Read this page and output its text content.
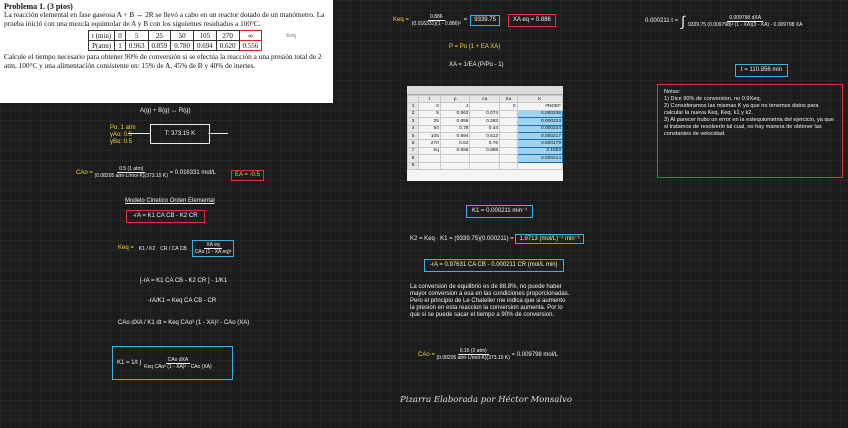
Problema 1. (3 ptos)
La reacción elemental en fase gaseosa A + B ↔ 2R se llevó a cabo en un reactor dotado de un manómetro. La prueba inició con una mezcla equimolar de A y B con los siguientes resultados a 100°C.
t (min)	0	5	25	50	105	270	∞
P(atm)	1	0.963	0.859	0.780	0.694	0.620	0.556
Keq
Calcule el tiempo necesario para obtener 90% de conversión si se efectúa la reacción a una presión total de 2 atm, 100°C y una alimentación consistente en: 15% de A, 45% de B y 40% de inertes.
A(g) + B(g) ↔ R(g)
Po: 1 atm
yAo: 0.5
yBo: 0.5
T: 373.15 K
CAo = $\frac{\text{0.5 (1 atm)}}{\text{(0.08205 atm·L/mol·K)(373.15 K)}} = 0.016331$ mol/L	EA = -0.5
Modelo Cinetico Orden Elemental
-rA = K1 CA CB - K2 CR
Keq = K1 / K2 CR / CA CB $\frac{\text{XA eq}}{\text{CAo (1 - XA eq)²}}$
[-rA = K1 CA CB - K2 CR ] · 1/K1
-rA/K1 = Keq CA CB - CR
CAo dXA / K1 dt = Keq CAo² (1 - XA)² - CAo (XA)
K1 = 1/t ∫ $\frac{\text{CAo dXA}}{\text{Keq CAo² (1 - XA)² - CAo (XA)}}$
Keq = $\frac{0.886}{\text{(0.016331)(1 - 0.886)²}}$ =	9339.75	XA eq = 0.886
P = Po (1 + EA XA)
XA = 1/EA (P/Po - 1)
	t	p	ca	Xa	K
1	0	1		0	#NDEF
2	5	0.963	0.074		0.000236
3	25	0.859	0.282		0.000223
4	50	0.78	0.44		0.000224
5	105	0.694	0.612		0.000217
6	270	0.62	0.76		0.000179
7	eq	0.556	0.888		0.1553
8					0.000214
9					
K1 = 0.000211 min⁻¹
K2 = Keq · K1 = (9339.75)(0.000211) = 1.9713 (mol/L)⁻² min⁻¹
-rA = 0.97631 CA CB - 0.000211 CR (mol/L min)
La conversion de equilibrio es de 88.8%, no puede haber mayor conversion a esa en las condiciones proporcionadas. Pero el principio de Le Chatelier me indica que si aumento la presion en esta reaccion la conversion aumenta. Por lo que si se puede sacar el tiempo a 90% de conversion.
CAo = $\frac{\text{0.15 (2 atm)}}{\text{(0.08205 atm·L/mol·K)(373.15 K)}} = 0.009798$ mol/L
0.000211 t = ∫ $\frac{\text{0.009798 dXA}}{\text{9339.75 (0.009798)² (1 - XA)(3 - XA) - 0.009798 XA}}$
t = 110.856 min
Notas:
1) Dice 90% de conversion, no 0.9Xeq.
2) Consideramos las mismas K ya que no tenemos datos para calcular la nueva Keq, Keq, k1 y k2.
3) Al parecer hubo un error en la estequiometria del ejercicio, ya que si tratamos de resolverlo tal cual, no hay manera de obtener las constantes de velocidad.
Pizarra Elaborada por Héctor Monsalvo
